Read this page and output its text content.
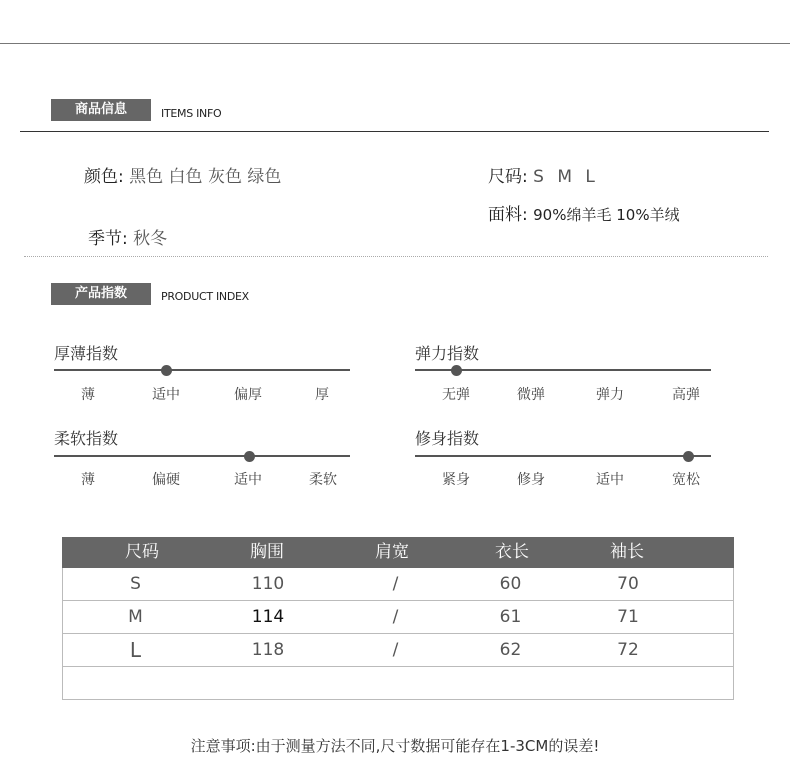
商品信息	ITEMS INFO
颜色: 黑色 白色 灰色 绿色	尺码: S M L
面料: 90%绵羊毛 10%羊绒
季节: 秋冬
产品指数	PRODUCT INDEX
厚薄指数
薄	适中	偏厚	厚
弹力指数
无弹	微弹	弹力	高弹
柔软指数
薄	偏硬	适中	柔软
修身指数
紧身	修身	适中	宽松
尺码	胸围	肩宽	衣长	袖长
S	110	/	60	70
M	114	/	61	71
L	118	/	62	72
注意事项:由于测量方法不同,尺寸数据可能存在1-3CM的误差!
